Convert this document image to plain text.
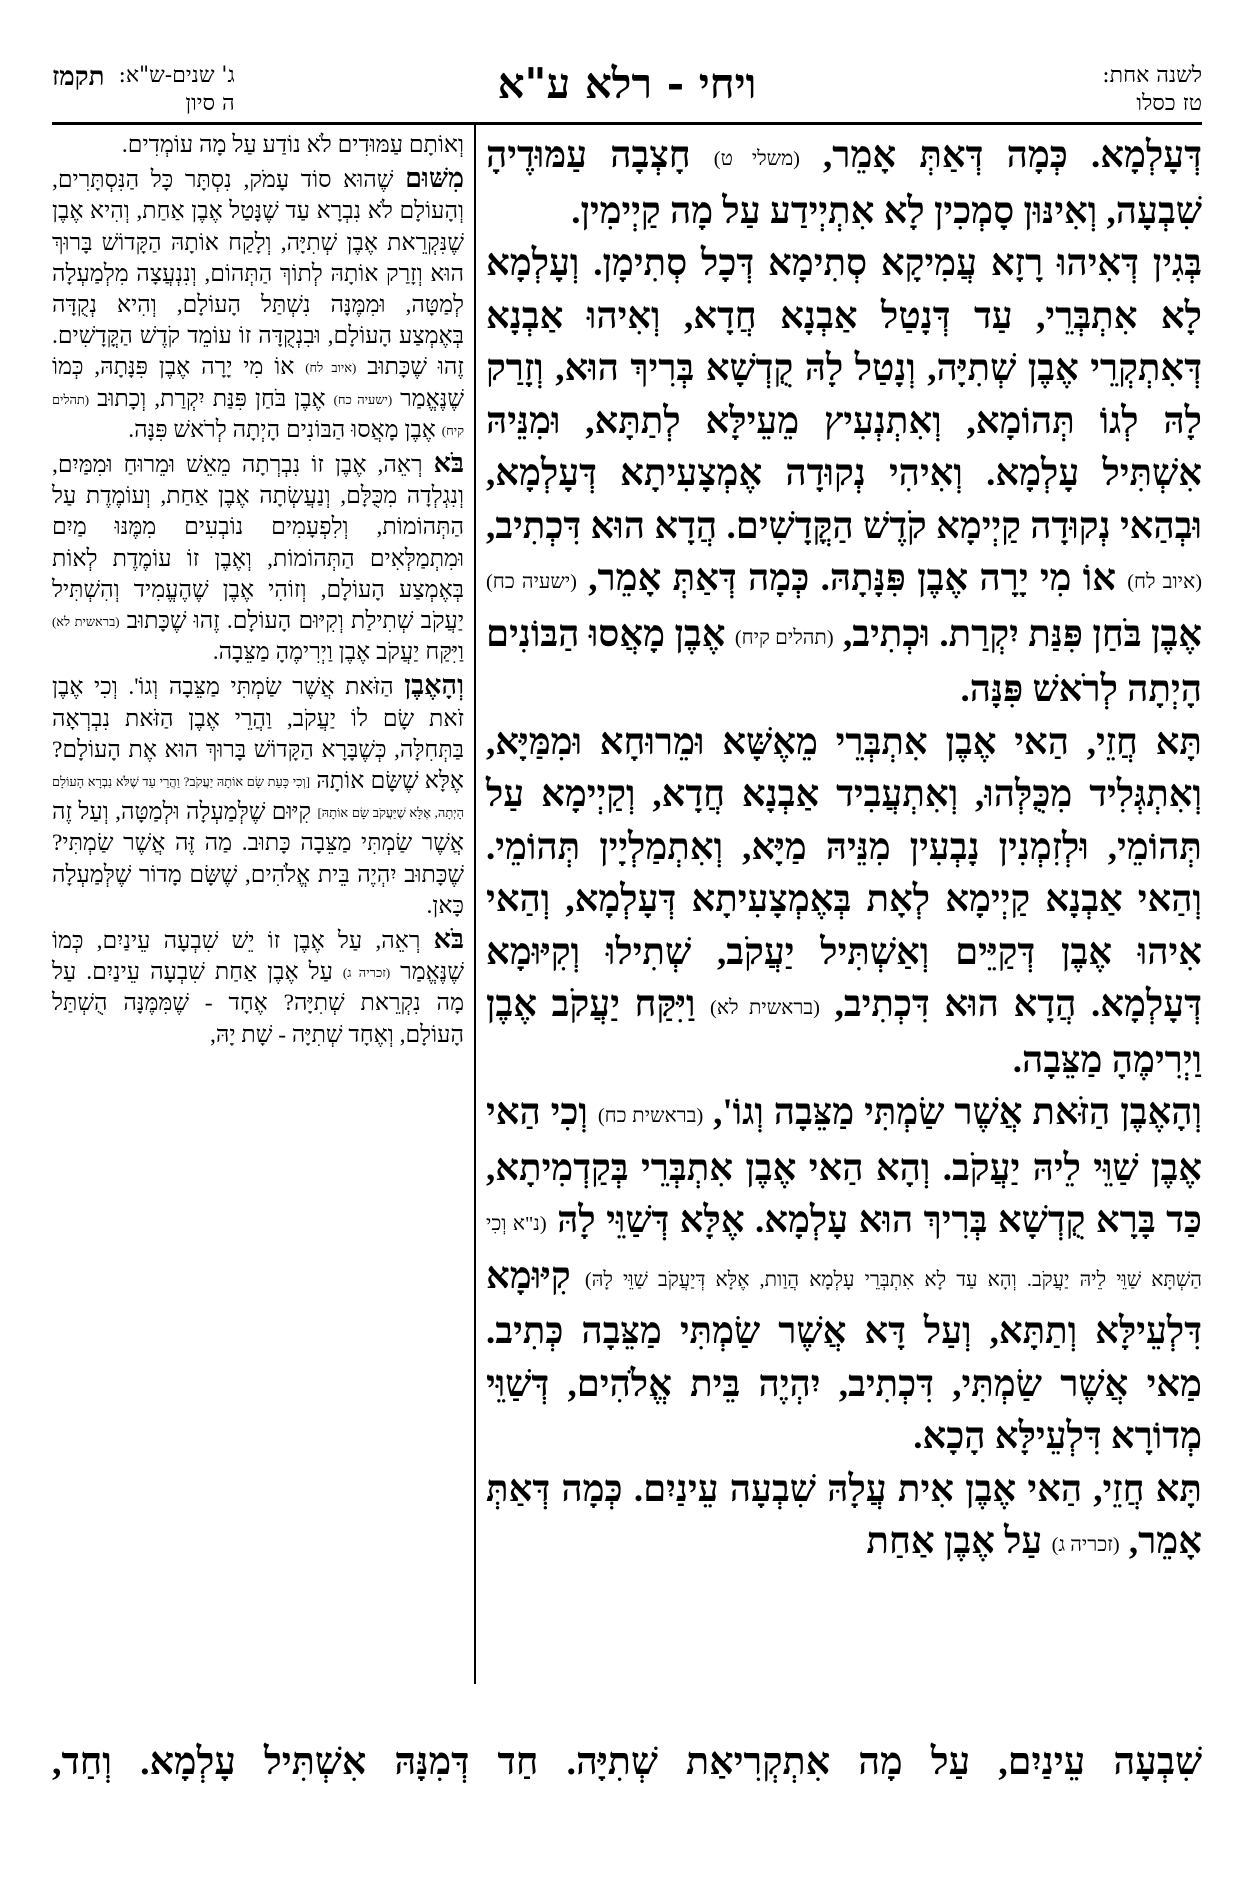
לשנה אחת:
טז כסלו
ויחי - רלא ע"א
ג' שנים-ש"א:
ה סיון
תקמז

דְּעָלְמָא. כְּמָה דְּאַתְּ אָמֵר, (משלי ט) חָצְבָה עַמּוּדֶיהָ שִׁבְעָה, וְאִינּוּן סָמְכִין לָא אִתְיְידַע עַל מָה קַיְימִין.

בְּגִין דְּאִיהוּ רָזָא עֲמִיקָא סְתִימָא דְּכָל סְתִימָן. וְעָלְמָא לָא אִתְבְּרֵי, עַד דְּנָטַל אַבְנָא חֲדָא, וְאִיהוּ אַבְנָא דְּאִתְקְרֵי אֶבֶן שְׁתִיָּה, וְנָטַל לָהּ קֻדְשָׁא בְּרִיךְ הוּא, וְזָרַק לָהּ לְגוֹ תְּהוֹמָא, וְאִתְנְעִיץ מֵעֵילָּא לְתַתָּא, וּמִנֵּיהּ אִשְׁתִּיל עָלְמָא. וְאִיהִי נְקוּדָה אֶמְצָעִיתָא דְּעָלְמָא, וּבְהַאי נְקוּדָה קַיְימָא קֹדֶשׁ הַקֳּדָשִׁים. הֲדָא הוּא דִּכְתִיב, (איוב לח) אוֹ מִי יָרָה אֶבֶן פִּנָּתָהּ. כְּמָה דְּאַתְּ אָמֵר, (ישעיה כח) אֶבֶן בֹּחַן פִּנַּת יִקְרַת. וּכְתִיב, (תהלים קיח) אֶבֶן מָאֲסוּ הַבּוֹנִים הָיְתָה לְרֹאשׁ פִּנָּה.

תָּא חֲזֵי, הַאי אֶבֶן אִתְבְּרֵי מֵאֶשָּׁא וּמֵרוּחָא וּמִמַּיָּא, וְאִתְגְּלִיד מִכֻּלְּהוּ, וְאִתְעֲבִיד אַבְנָא חֲדָא, וְקַיְימָא עַל תְּהוֹמֵי, וּלְזִמְנִין נָבְעִין מִנֵּיהּ מַיָּא, וְאִתְמַלְיָין תְּהוֹמֵי. וְהַאי אַבְנָא קַיְימָא לְאָת בְּאֶמְצָעִיתָא דְּעָלְמָא, וְהַאי אִיהוּ אֶבֶן דְּקַיֵּים וְאַשְׁתִּיל יַעֲקֹב, שְׁתִילוּ וְקִיּוּמָא דְּעָלְמָא. הֲדָא הוּא דִּכְתִיב, (בראשית לא) וַיִּקַּח יַעֲקֹב אֶבֶן וַיְרִימֶהָ מַצֵּבָה.

וְהָאֶבֶן הַזֹּאת אֲשֶׁר שַׂמְתִּי מַצֵּבָה וְגוֹ', (בראשית כח) וְכִי הַאי אֶבֶן שַׁוֵּי לֵיהּ יַעֲקֹב. וְהָא הַאי אֶבֶן אִתְבְּרֵי בְּקַדְמִיתָא, כַּד בָּרָא קֻדְשָׁא בְּרִיךְ הוּא עָלְמָא. אֶלָּא דְּשַׁוֵּי לָהּ (נ"א וְכִי הַשְׁתָּא שַׁוֵּי לֵיהּ יַעֲקֹב. וְהָא עַד לָא אִתְבְּרֵי עָלְמָא הֲוַות, אֶלָּא דְּיַעֲקֹב שַׁוֵּי לָהּ) קִיּוּמָא דִּלְעֵילָּא וְתַתָּא, וְעַל דָּא אֲשֶׁר שַׂמְתִּי מַצֵּבָה כְּתִיב. מַאי אֲשֶׁר שַׂמְתִּי, דִּכְתִיב, יִהְיֶה בֵּית אֱלֹהִים, דְּשַׁוֵּי מְדוֹרָא דִּלְעֵילָּא הָכָא.

תָּא חֲזֵי, הַאי אֶבֶן אִית עֲלָהּ שִׁבְעָה עֵינַיִם. כְּמָה דְּאַתְּ אָמֵר, (זכריה ג) עַל אֶבֶן אַחַת

וְאוֹתָם עַמּוּדִים לֹא נוֹדַע עַל מָה עוֹמְדִים.

מִשּׁוּם שֶׁהוּא סוֹד עָמֹק, נִסְתָּר כָּל הַנִּסְתָּרִים, וְהָעוֹלָם לֹא נִבְרָא עַד שֶׁנָּטַל אֶבֶן אַחַת, וְהִיא אֶבֶן שֶׁנִּקְרֵאת אֶבֶן שְׁתִיָּה, וְלָקַח אוֹתָהּ הַקָּדוֹשׁ בָּרוּךְ הוּא וְזָרַק אוֹתָהּ לְתוֹךְ הַתְּהוֹם, וְנִנְעֲצָה מִלְמַעְלָה לְמַטָּה, וּמִמֶּנָּה נִשְׁתַּל הָעוֹלָם, וְהִיא נְקֻדָּה בְּאֶמְצַע הָעוֹלָם, וּבִנְקֻדָּה זוֹ עוֹמֵד קֹדֶשׁ הַקֳּדָשִׁים. זֶהוּ שֶׁכָּתוּב (איוב לח) אוֹ מִי יָרָה אֶבֶן פִּנָּתָהּ, כְּמוֹ שֶׁנֶּאֱמַר (ישעיה כח) אֶבֶן בֹּחַן פִּנַּת יִקְרַת, וְכָתוּב (תהלים קיח) אֶבֶן מָאֲסוּ הַבּוֹנִים הָיְתָה לְרֹאשׁ פִּנָּה.

בֹּא רְאֵה, אֶבֶן זוֹ נִבְרְתָה מֵאֵשׁ וּמֵרוּחַ וּמִמַּיִם, וְנִגְלְדָה מִכֻּלָּם, וְנַעֲשְׂתָה אֶבֶן אַחַת, וְעוֹמֶדֶת עַל הַתְּהוֹמוֹת, וְלִפְעָמִים נוֹבְעִים מִמֶּנּוּ מַיִם וּמִתְמַלְּאִים הַתְּהוֹמוֹת, וְאֶבֶן זוֹ עוֹמֶדֶת לְאוֹת בְּאֶמְצַע הָעוֹלָם, וְזוֹהִי אֶבֶן שֶׁהֶעֱמִיד וְהִשְׁתִּיל יַעֲקֹב שְׁתִילַת וְקִיּוּם הָעוֹלָם. זֶהוּ שֶׁכָּתוּב (בראשית לא) וַיִּקַּח יַעֲקֹב אֶבֶן וַיְרִימֶהָ מַצֵּבָה.

וְהָאֶבֶן הַזֹּאת אֲשֶׁר שַׂמְתִּי מַצֵּבָה וְגוֹ'. וְכִי אֶבֶן זֹאת שָׂם לוֹ יַעֲקֹב, וַהֲרֵי אֶבֶן הַזֹּאת נִבְרְאָה בַּתְּחִלָּה, כְּשֶׁבָּרָא הַקָּדוֹשׁ בָּרוּךְ הוּא אֶת הָעוֹלָם? אֶלָּא שֶׁשָּׂם אוֹתָהּ [וְכִי כָּעֵת שָׂם אוֹתָהּ יַעֲקֹב? וַהֲרֵי עַד שֶׁלֹּא נִבְרָא הָעוֹלָם הָיְתָה, אֶלָּא שֶׁיַּעֲקֹב שָׂם אוֹתָהּ] קִיּוּם שֶׁלְּמַעְלָה וּלְמַטָּה, וְעַל זֶה אֲשֶׁר שַׂמְתִּי מַצֵּבָה כָּתוּב. מַה זֶּה אֲשֶׁר שַׂמְתִּי? שֶׁכָּתוּב יִהְיֶה בֵּית אֱלֹהִים, שֶׁשָּׂם מָדוֹר שֶׁלְּמַעְלָה כָּאן.

בֹּא רְאֵה, עַל אֶבֶן זוֹ יֵשׁ שִׁבְעָה עֵינַיִם, כְּמוֹ שֶׁנֶּאֱמַר (זכריה ג) עַל אֶבֶן אַחַת שִׁבְעָה עֵינַיִם. עַל מָה נִקְרֵאת שְׁתִיָּה? אֶחָד - שֶׁמִּמֶּנָּה הֻשְׁתַּל הָעוֹלָם, וְאֶחָד שְׁתִיָּה - שָׁת יָהּ,

שִׁבְעָה עֵינַיִם, עַל מָה אִתְקְרִיאַת שְׁתִיָּה. חַד דְּמִנָּהּ אִשְׁתִּיל עָלְמָא. וְחַד,
